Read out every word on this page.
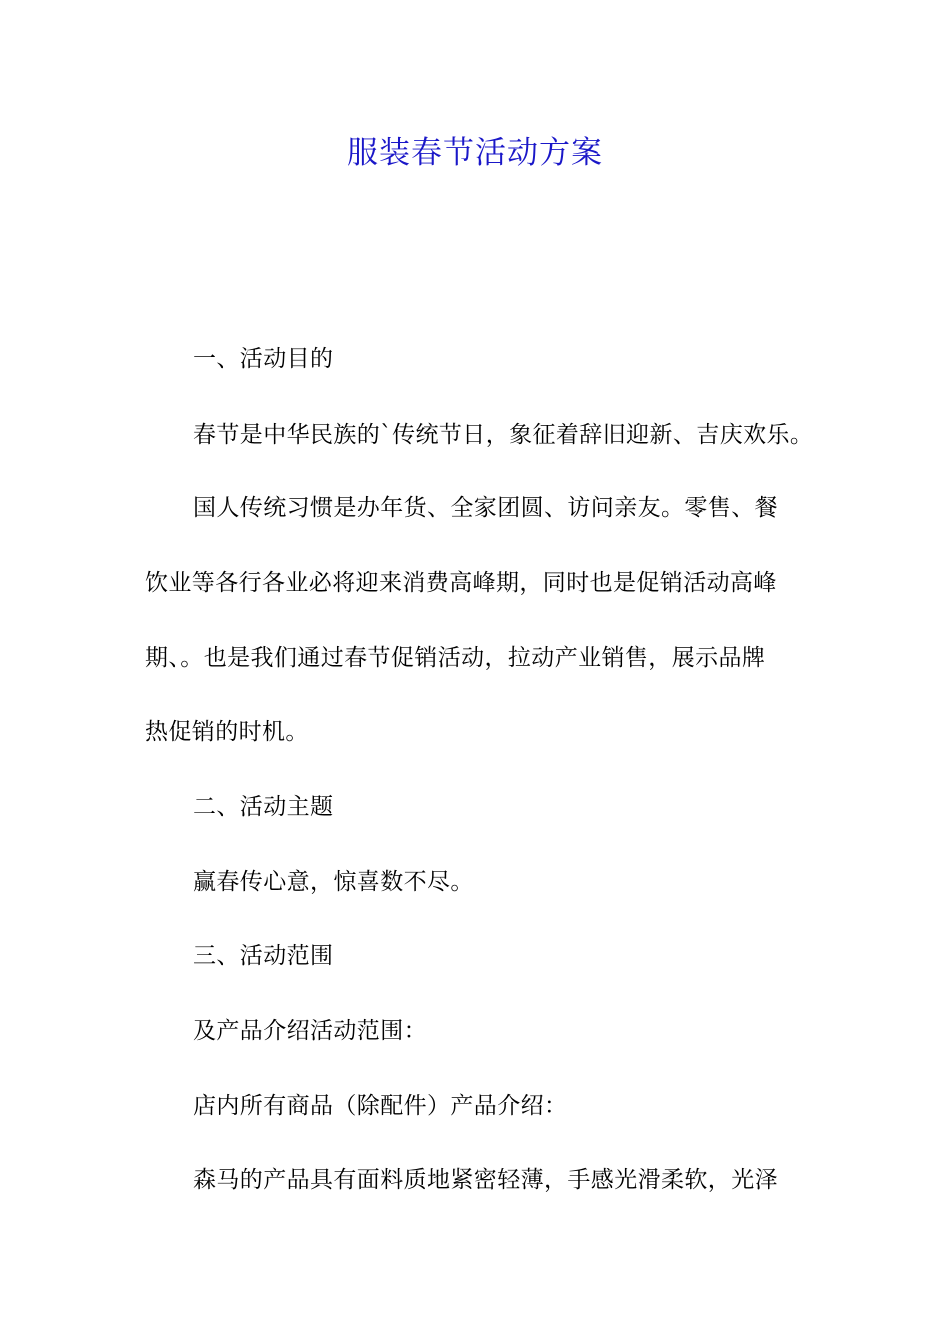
服装春节活动方案
一、活动目的
春节是中华民族的`传统节日，象征着辞旧迎新、吉庆欢乐。
国人传统习惯是办年货、全家团圆、访问亲友。零售、餐
饮业等各行各业必将迎来消费高峰期，同时也是促销活动高峰
期、。也是我们通过春节促销活动，拉动产业销售，展示品牌
热促销的时机。
二、活动主题
赢春传心意，惊喜数不尽。
三、活动范围
及产品介绍活动范围：
店内所有商品（除配件）产品介绍：
森马的产品具有面料质地紧密轻薄，手感光滑柔软，光泽
